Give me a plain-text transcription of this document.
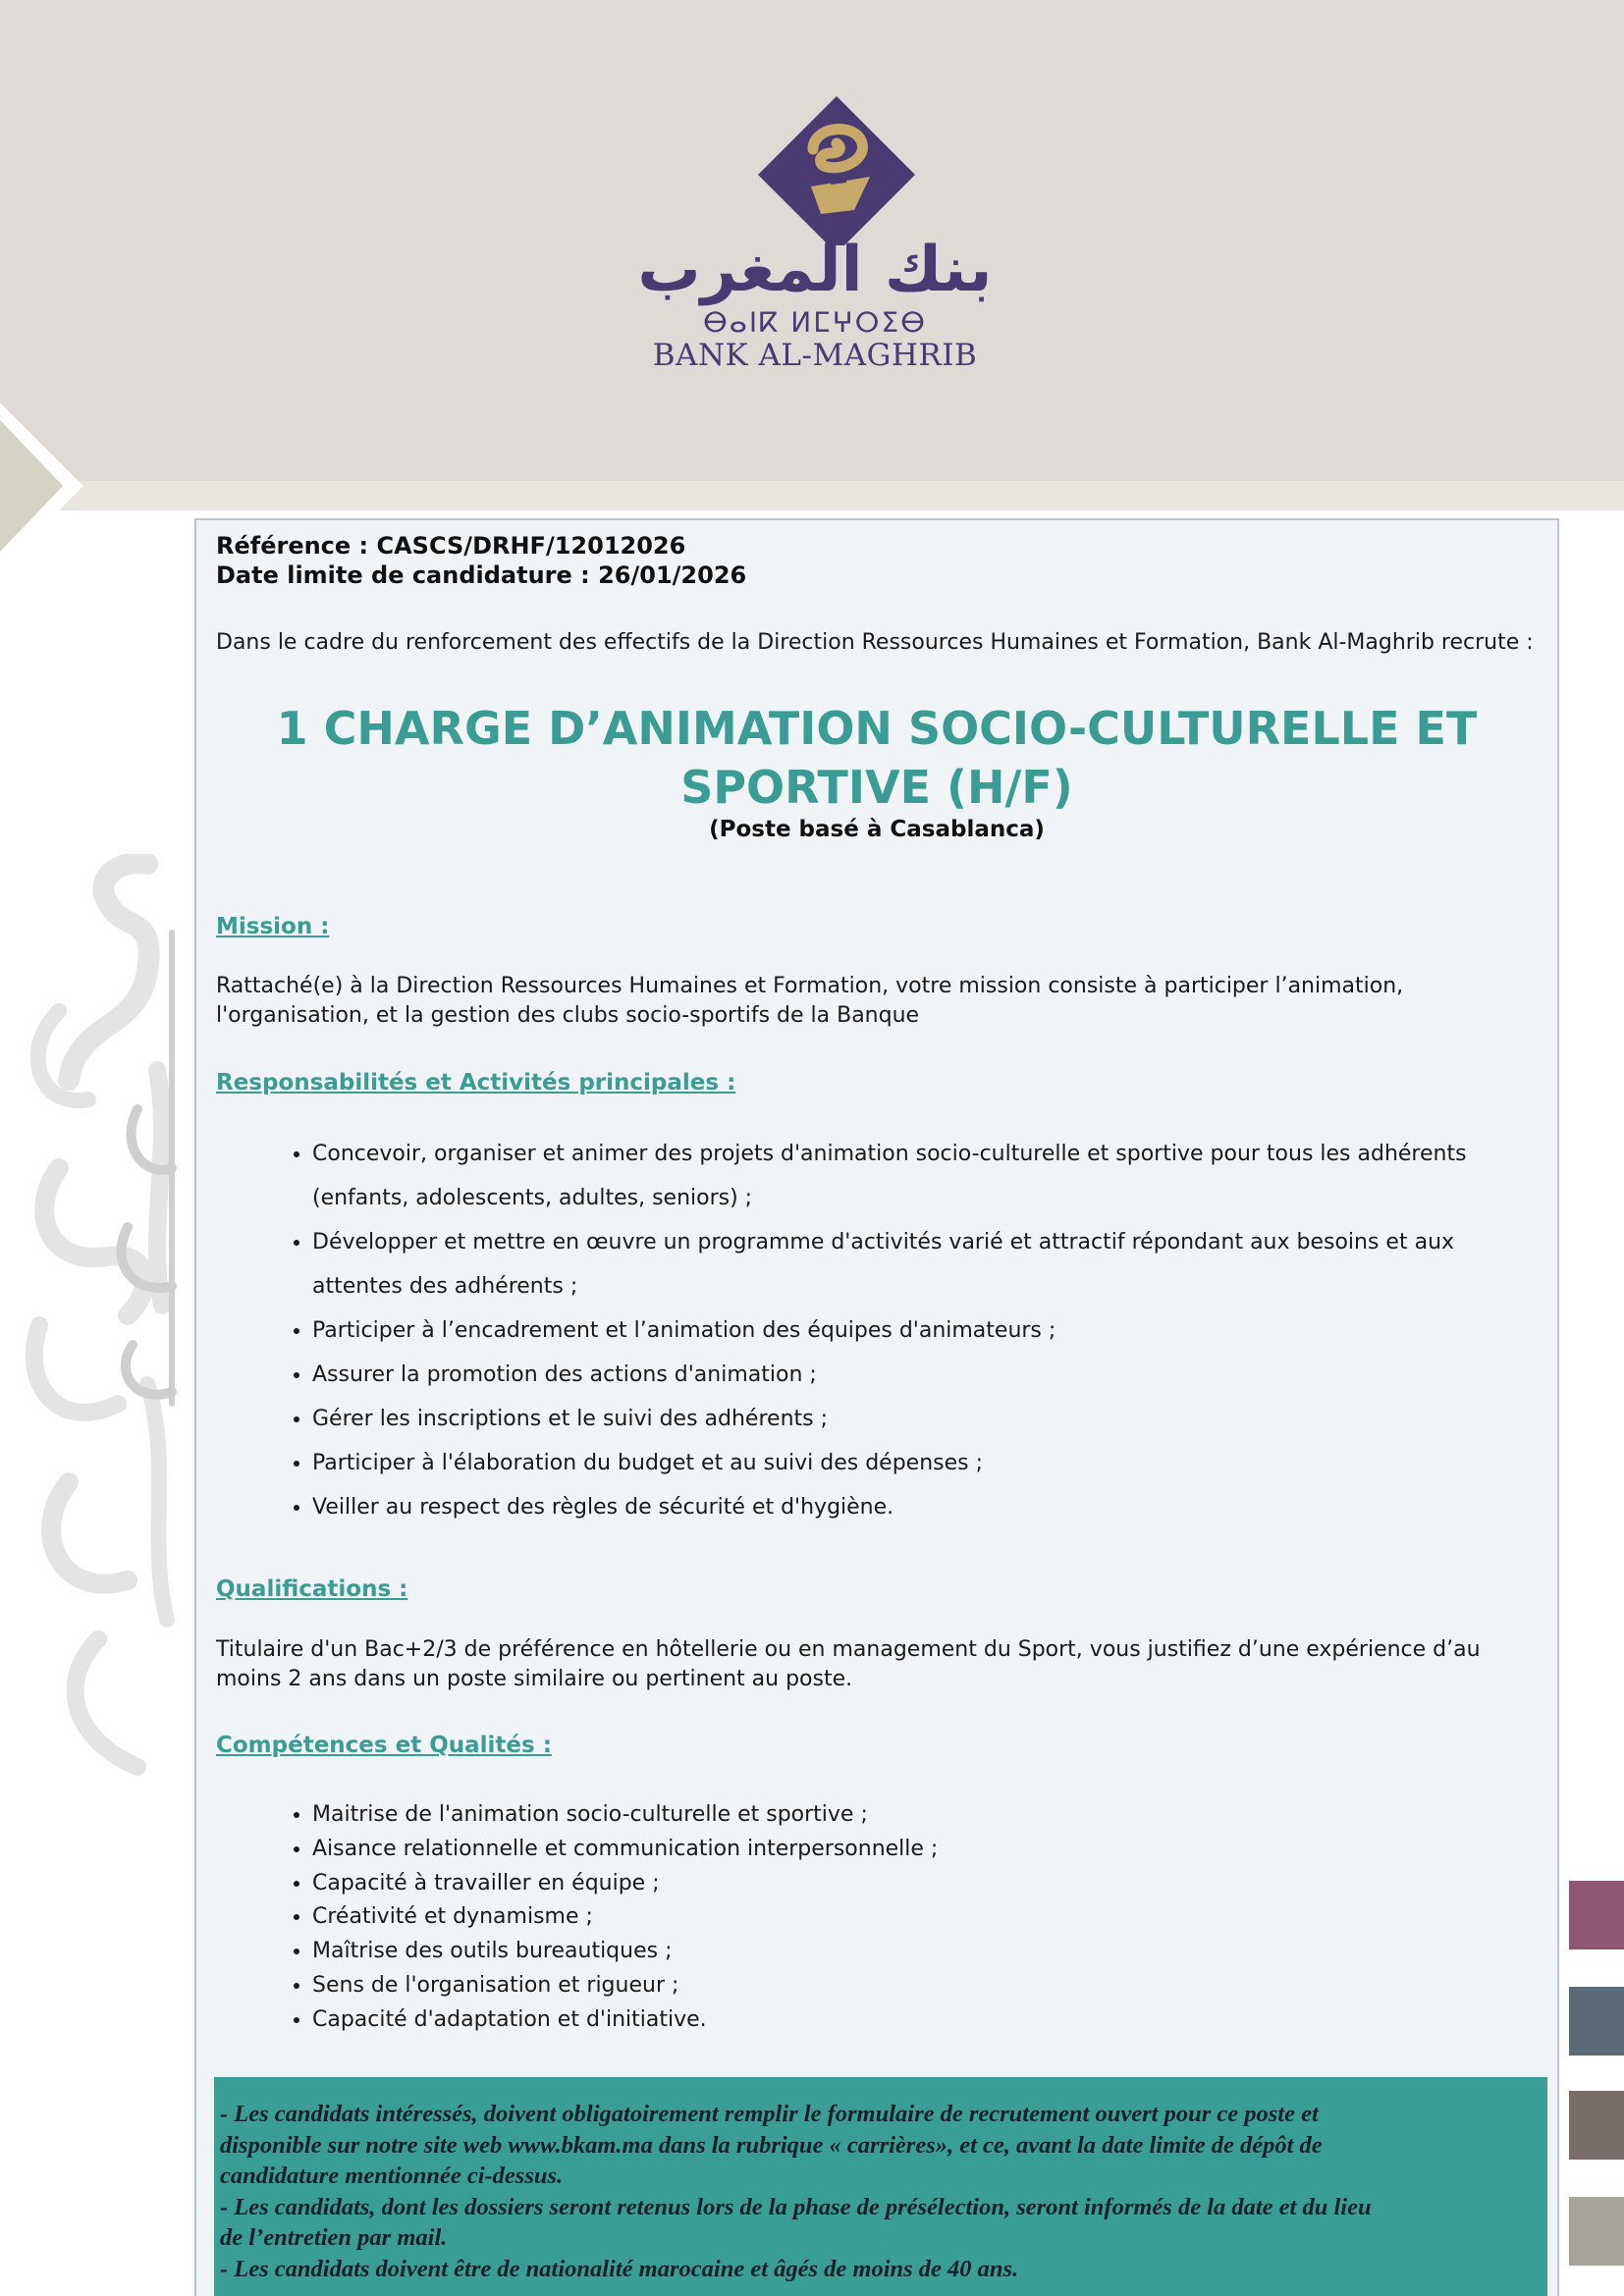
بنك المغرب
ⴱⴰⵏⴽ ⵍⵎⵖⵔⵉⴱ
BANK AL-MAGHRIB
بنك المغرب
Référence : CASCS/DRHF/12012026
Date limite de candidature : 26/01/2026
Dans le cadre du renforcement des effectifs de la Direction Ressources Humaines et Formation, Bank Al-Maghrib recrute :
1 CHARGE D’ANIMATION SOCIO-CULTURELLE ET
SPORTIVE (H/F)
(Poste basé à Casablanca)
Mission :
Rattaché(e) à la Direction Ressources Humaines et Formation, votre mission consiste à participer l’animation,
l'organisation, et la gestion des clubs socio-sportifs de la Banque
Responsabilités et Activités principales :
• Concevoir, organiser et animer des projets d'animation socio-culturelle et sportive pour tous les adhérents
(enfants, adolescents, adultes, seniors) ;
• Développer et mettre en œuvre un programme d'activités varié et attractif répondant aux besoins et aux
attentes des adhérents ;
• Participer à l’encadrement et l’animation des équipes d'animateurs ;
• Assurer la promotion des actions d'animation ;
• Gérer les inscriptions et le suivi des adhérents ;
• Participer à l'élaboration du budget et au suivi des dépenses ;
• Veiller au respect des règles de sécurité et d'hygiène.
Qualifications :
Titulaire d'un Bac+2/3 de préférence en hôtellerie ou en management du Sport, vous justifiez d’une expérience d’au
moins 2 ans dans un poste similaire ou pertinent au poste.
Compétences et Qualités :
• Maitrise de l'animation socio-culturelle et sportive ;
• Aisance relationnelle et communication interpersonnelle ;
• Capacité à travailler en équipe ;
• Créativité et dynamisme ;
• Maîtrise des outils bureautiques ;
• Sens de l'organisation et rigueur ;
• Capacité d'adaptation et d'initiative.
- Les candidats intéressés, doivent obligatoirement remplir le formulaire de recrutement ouvert pour ce poste et
disponible sur notre site web www.bkam.ma dans la rubrique « carrières», et ce, avant la date limite de dépôt de
candidature mentionnée ci-dessus.
- Les candidats, dont les dossiers seront retenus lors de la phase de présélection, seront informés de la date et du lieu
de l’entretien par mail.
- Les candidats doivent être de nationalité marocaine et âgés de moins de 40 ans.
